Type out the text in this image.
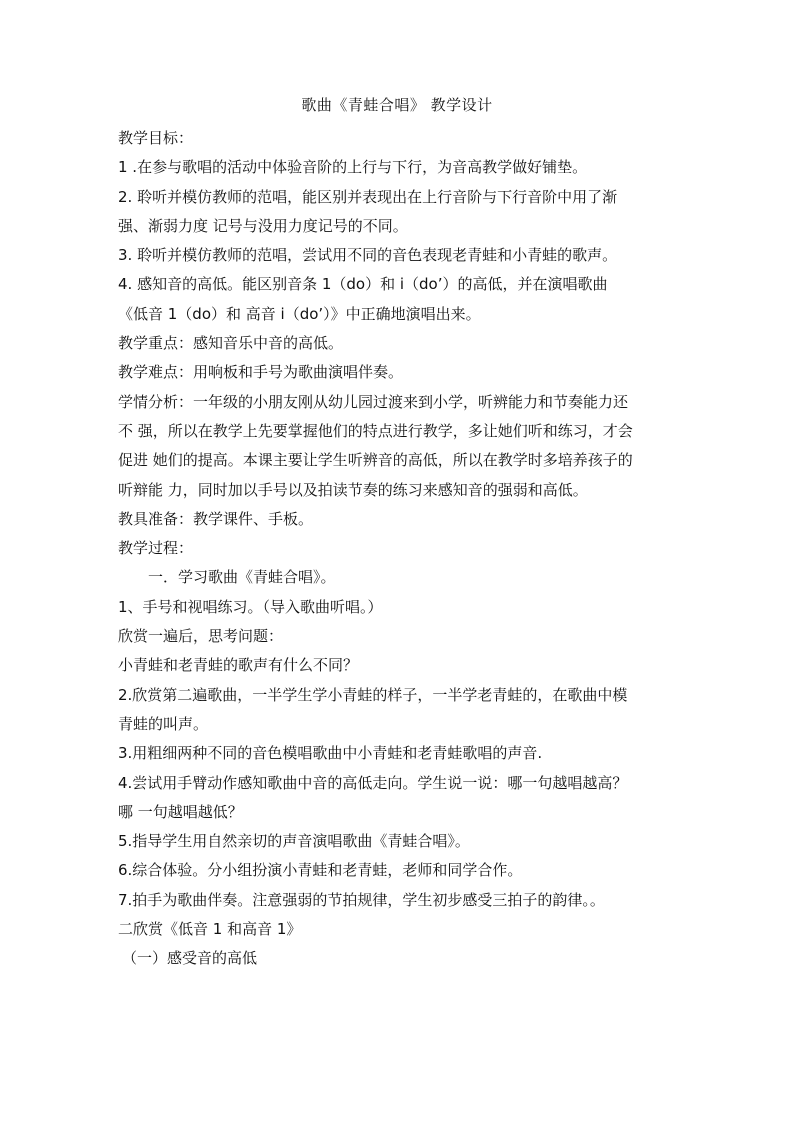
歌曲《青蛙合唱》 教学设计
教学目标：
1 .在参与歌唱的活动中体验音阶的上行与下行，为音高教学做好铺垫。
2. 聆听并模仿教师的范唱，能区别并表现出在上行音阶与下行音阶中用了渐
强、渐弱力度 记号与没用力度记号的不同。
3. 聆听并模仿教师的范唱，尝试用不同的音色表现老青蛙和小青蛙的歌声。
4. 感知音的高低。能区别音条 1（do）和 i（do’）的高低，并在演唱歌曲
《低音 1（do）和 高音 i（do’）》中正确地演唱出来。
教学重点：感知音乐中音的高低。
教学难点：用响板和手号为歌曲演唱伴奏。
学情分析：一年级的小朋友刚从幼儿园过渡来到小学，听辨能力和节奏能力还
不 强，所以在教学上先要掌握他们的特点进行教学，多让她们听和练习，才会
促进 她们的提高。本课主要让学生听辨音的高低，所以在教学时多培养孩子的
听辩能 力，同时加以手号以及拍读节奏的练习来感知音的强弱和高低。
教具准备：教学课件、手板。
教学过程：
一．学习歌曲《青蛙合唱》。
1、手号和视唱练习。（导入歌曲听唱。）
欣赏一遍后，思考问题：
小青蛙和老青蛙的歌声有什么不同？
2.欣赏第二遍歌曲，一半学生学小青蛙的样子，一半学老青蛙的，在歌曲中模
青蛙的叫声。
3.用粗细两种不同的音色模唱歌曲中小青蛙和老青蛙歌唱的声音.
4.尝试用手臂动作感知歌曲中音的高低走向。学生说一说：哪一句越唱越高？
哪 一句越唱越低？
5.指导学生用自然亲切的声音演唱歌曲《青蛙合唱》。
6.综合体验。分小组扮演小青蛙和老青蛙，老师和同学合作。
7.拍手为歌曲伴奏。注意强弱的节拍规律，学生初步感受三拍子的韵律。。
二欣赏《低音 1 和高音 1》
（一）感受音的高低
